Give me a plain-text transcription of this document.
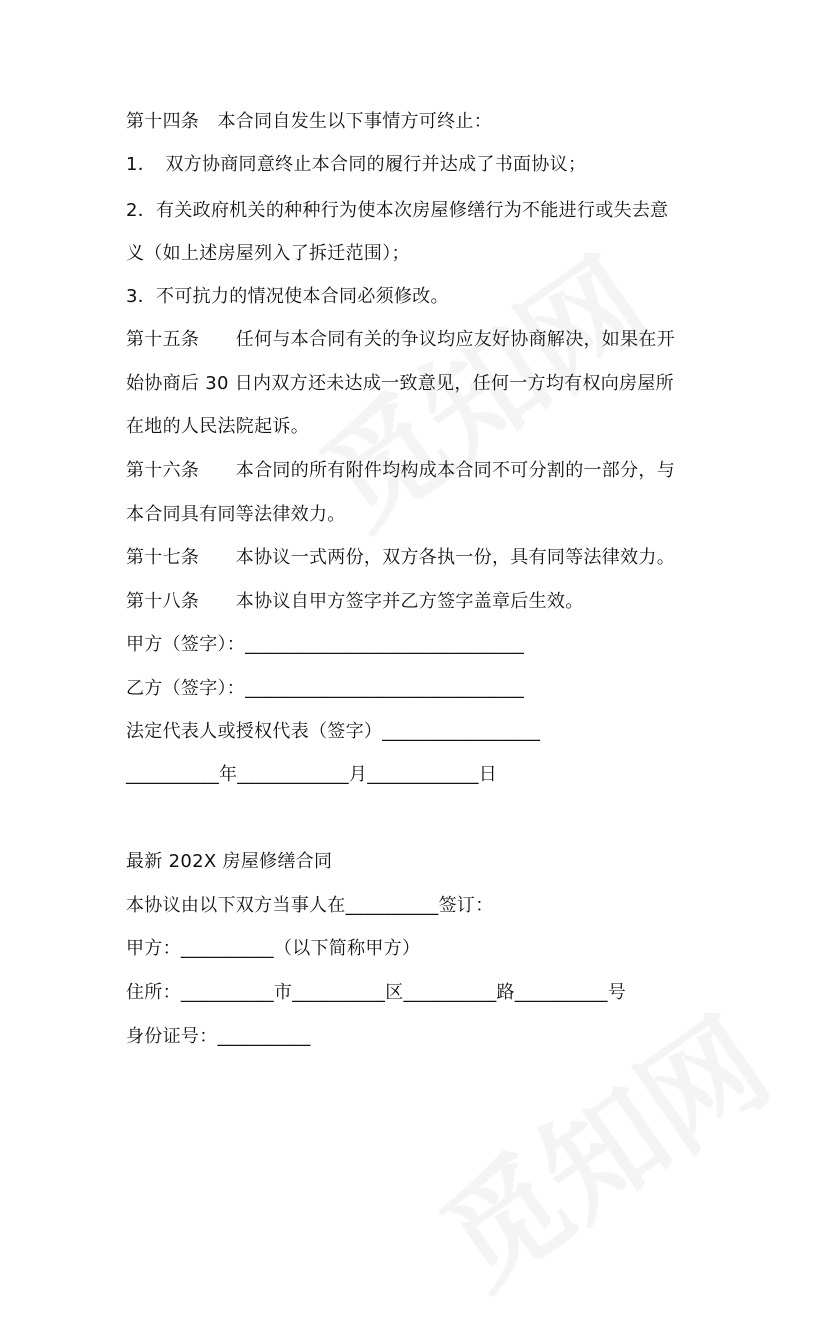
第十四条　本合同自发生以下事情方可终止：
1．　双方协商同意终止本合同的履行并达成了书面协议；
2．有关政府机关的种种行为使本次房屋修缮行为不能进行或失去意
义（如上述房屋列入了拆迁范围）；
3．不可抗力的情况使本合同必须修改。
第十五条　　任何与本合同有关的争议均应友好协商解决，如果在开
始协商后 30 日内双方还未达成一致意见，任何一方均有权向房屋所
在地的人民法院起诉。
第十六条　　本合同的所有附件均构成本合同不可分割的一部分，与
本合同具有同等法律效力。
第十七条　　本协议一式两份，双方各执一份，具有同等法律效力。
第十八条　　本协议自甲方签字并乙方签字盖章后生效。
甲方（签字）：______________________________
乙方（签字）：______________________________
法定代表人或授权代表（签字）_________________
__________年____________月____________日
最新 202X 房屋修缮合同
本协议由以下双方当事人在__________签订：
甲方：__________（以下简称甲方）
住所：__________市__________区__________路__________号
身份证号：__________
